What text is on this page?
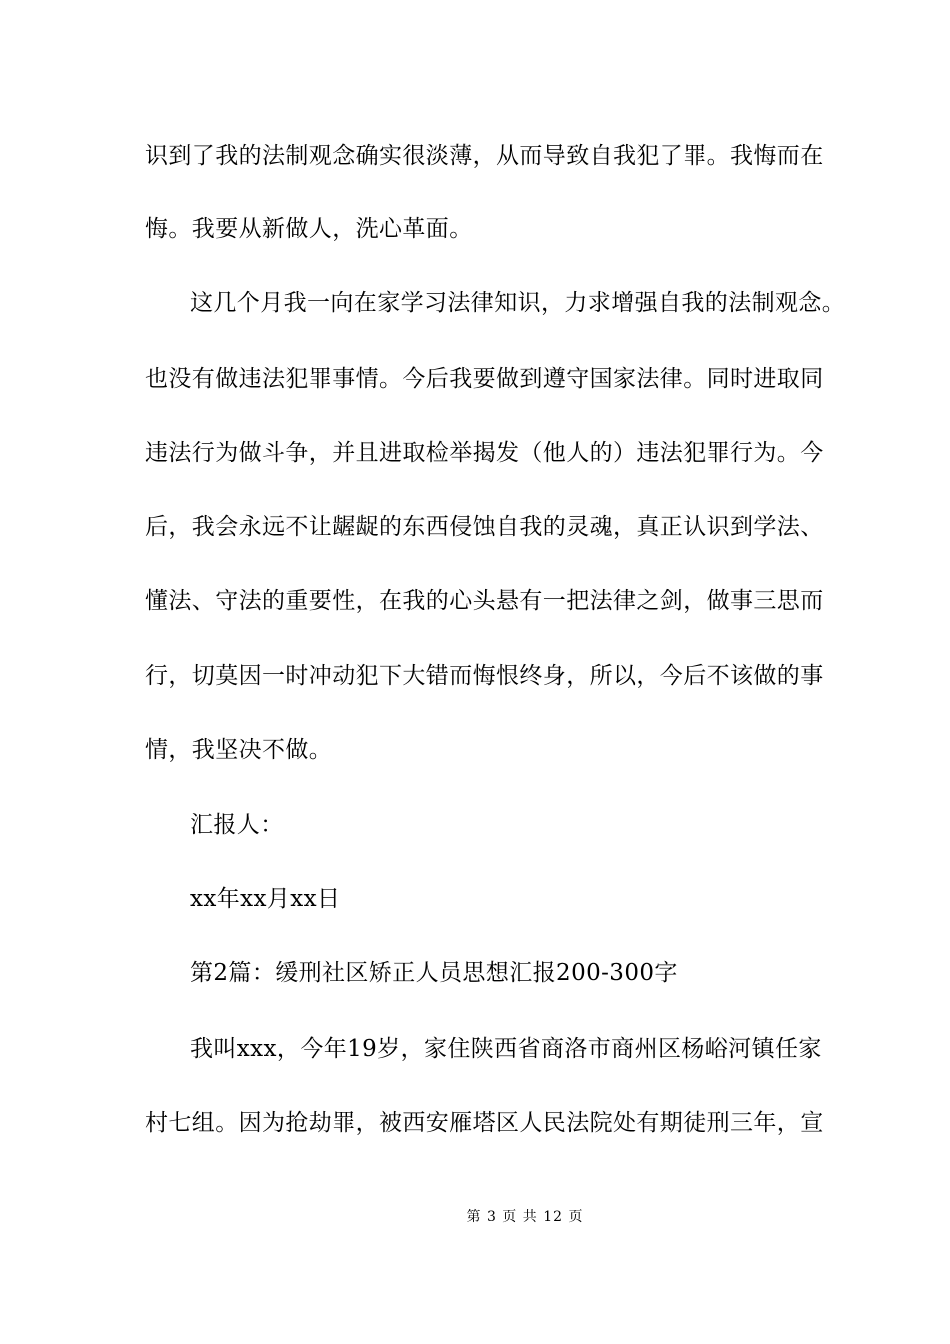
识到了我的法制观念确实很淡薄，从而导致自我犯了罪。我悔而在
悔。我要从新做人，洗心革面。
这几个月我一向在家学习法律知识，力求增强自我的法制观念。
也没有做违法犯罪事情。今后我要做到遵守国家法律。同时进取同
违法行为做斗争，并且进取检举揭发（他人的）违法犯罪行为。今
后，我会永远不让龌龊的东西侵蚀自我的灵魂，真正认识到学法、
懂法、守法的重要性，在我的心头悬有一把法律之剑，做事三思而
行，切莫因一时冲动犯下大错而悔恨终身，所以，今后不该做的事
情，我坚决不做。
汇报人：
xx年xx月xx日
第2篇：缓刑社区矫正人员思想汇报200-300字
我叫xxx，今年19岁，家住陕西省商洛市商州区杨峪河镇任家
村七组。因为抢劫罪，被西安雁塔区人民法院处有期徒刑三年，宣
第 3 页 共 12 页
